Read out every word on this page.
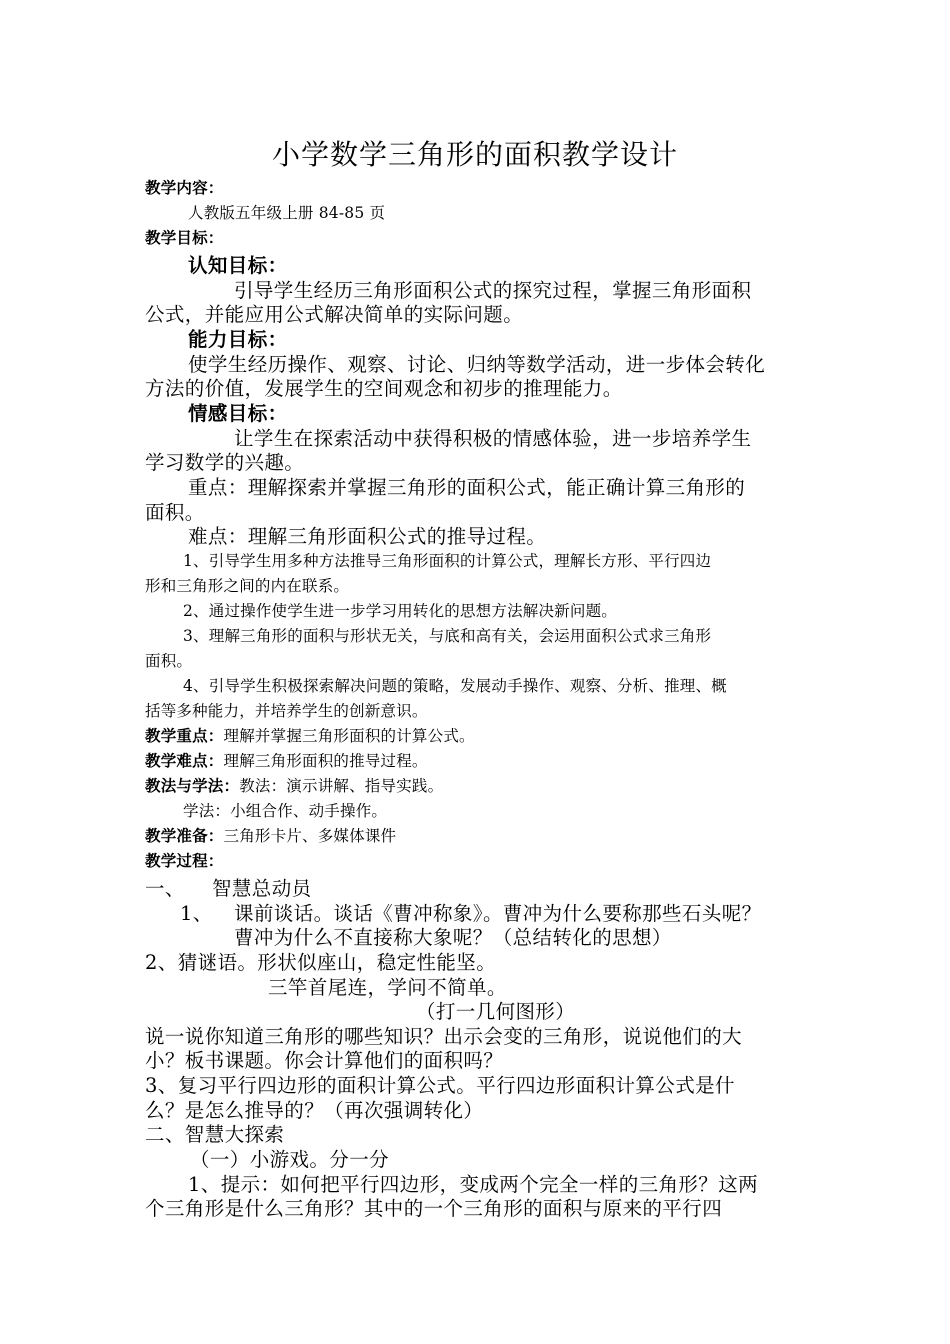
小学数学三角形的面积教学设计
教学内容：
人教版五年级上册 84-85 页
教学目标：
认知目标：
引导学生经历三角形面积公式的探究过程，掌握三角形面积
公式，并能应用公式解决简单的实际问题。
能力目标：
使学生经历操作、观察、讨论、归纳等数学活动，进一步体会转化
方法的价值，发展学生的空间观念和初步的推理能力。
情感目标：
让学生在探索活动中获得积极的情感体验，进一步培养学生
学习数学的兴趣。
重点：理解探索并掌握三角形的面积公式，能正确计算三角形的
面积。
难点：理解三角形面积公式的推导过程。
1、引导学生用多种方法推导三角形面积的计算公式，理解长方形、平行四边
形和三角形之间的内在联系。
2、通过操作使学生进一步学习用转化的思想方法解决新问题。
3、理解三角形的面积与形状无关，与底和高有关，会运用面积公式求三角形
面积。
4、引导学生积极探索解决问题的策略，发展动手操作、观察、分析、推理、概
括等多种能力，并培养学生的创新意识。
教学重点：理解并掌握三角形面积的计算公式。
教学难点：理解三角形面积的推导过程。
教法与学法：教法：演示讲解、指导实践。
学法：小组合作、动手操作。
教学准备：三角形卡片、多媒体课件
教学过程：
一、 智慧总动员
1、 课前谈话。谈话《曹冲称象》。曹冲为什么要称那些石头呢？
曹冲为什么不直接称大象呢？（总结转化的思想）
2、猜谜语。形状似座山，稳定性能坚。
三竿首尾连，学问不简单。
（打一几何图形）
说一说你知道三角形的哪些知识？出示会变的三角形，说说他们的大
小？板书课题。你会计算他们的面积吗？
3、复习平行四边形的面积计算公式。平行四边形面积计算公式是什
么？是怎么推导的？（再次强调转化）
二、智慧大探索
（一）小游戏。分一分
1、提示：如何把平行四边形，变成两个完全一样的三角形？这两
个三角形是什么三角形？其中的一个三角形的面积与原来的平行四
